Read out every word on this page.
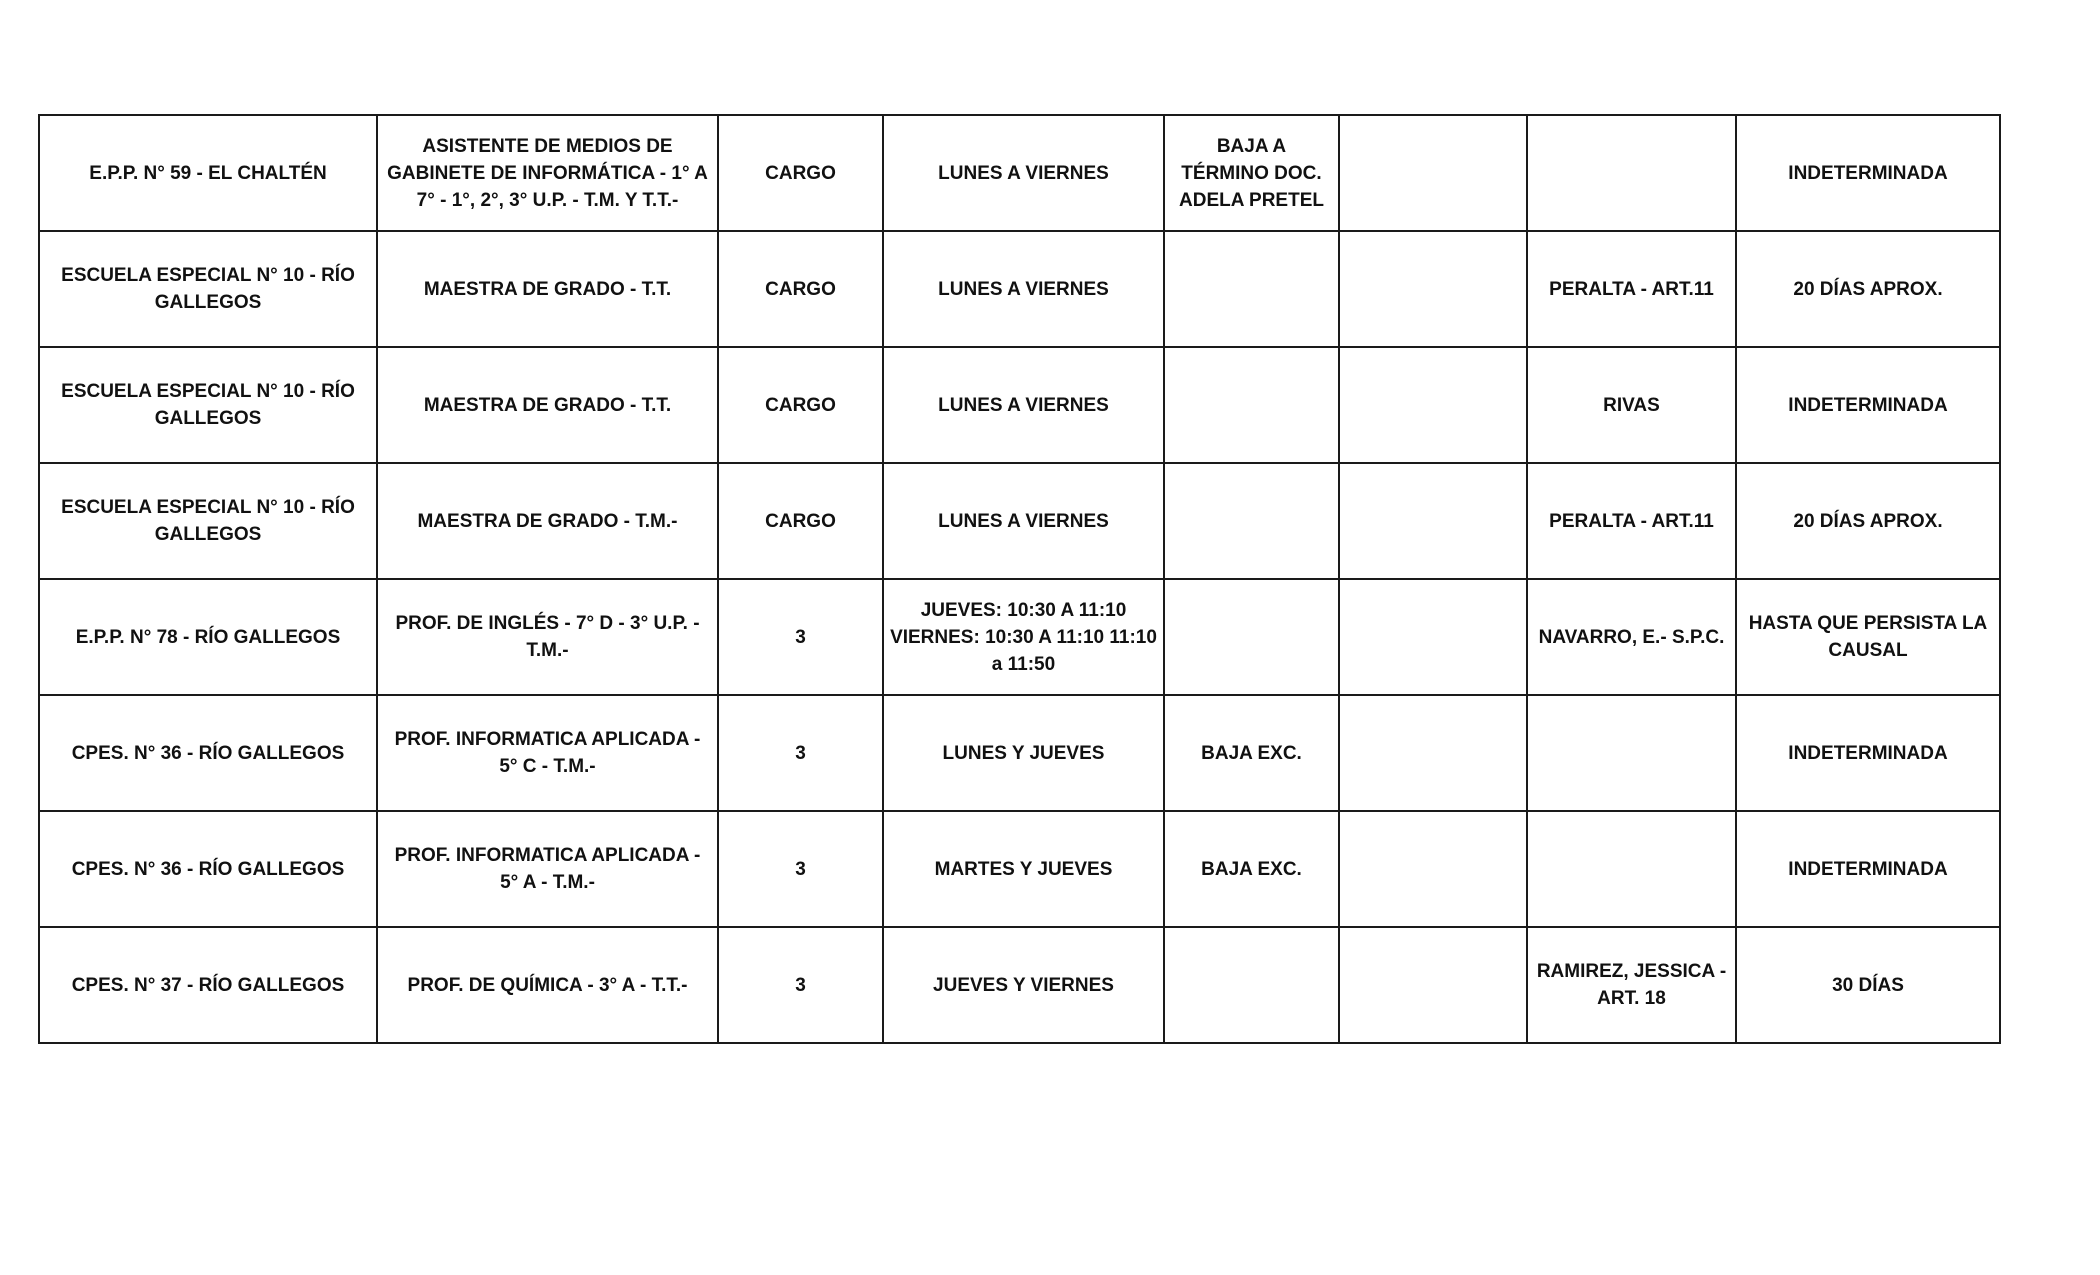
E.P.P. N° 59 - EL CHALTÉN	ASISTENTE DE MEDIOS DE GABINETE DE INFORMÁTICA - 1° A 7° - 1°, 2°, 3° U.P. - T.M. Y T.T.-	CARGO	LUNES A VIERNES	BAJA A TÉRMINO DOC. ADELA PRETEL			INDETERMINADA

ESCUELA ESPECIAL N° 10 - RÍO GALLEGOS	MAESTRA DE GRADO - T.T.	CARGO	LUNES A VIERNES			PERALTA - ART.11	20 DÍAS APROX.

ESCUELA ESPECIAL N° 10 - RÍO GALLEGOS	MAESTRA DE GRADO - T.T.	CARGO	LUNES A VIERNES			RIVAS	INDETERMINADA

ESCUELA ESPECIAL N° 10 - RÍO GALLEGOS	MAESTRA DE GRADO - T.M.-	CARGO	LUNES A VIERNES			PERALTA - ART.11	20 DÍAS APROX.

E.P.P. N° 78 - RÍO GALLEGOS	PROF. DE INGLÉS - 7° D - 3° U.P. - T.M.-	3	JUEVES: 10:30 A 11:10
VIERNES: 10:30 A 11:10 11:10 a 11:50			NAVARRO, E.- S.P.C.	HASTA QUE PERSISTA LA CAUSAL

CPES. N° 36 - RÍO GALLEGOS	PROF. INFORMATICA APLICADA - 5° C - T.M.-	3	LUNES Y JUEVES	BAJA EXC.			INDETERMINADA

CPES. N° 36 - RÍO GALLEGOS	PROF. INFORMATICA APLICADA - 5° A - T.M.-	3	MARTES Y JUEVES	BAJA EXC.			INDETERMINADA

CPES. N° 37 - RÍO GALLEGOS	PROF. DE QUÍMICA - 3° A - T.T.-	3	JUEVES Y VIERNES			RAMIREZ, JESSICA - ART. 18	30 DÍAS
